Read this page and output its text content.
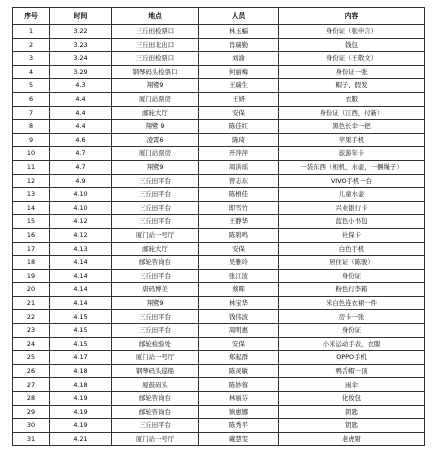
序号	时间	地点	人员	内容
1	3.22	三丘田检票口	林玉蝠	身份证（张申言）
2	3.23	三丘田北出口	肖瑞勤	钱包
3	3.24	三丘田检票口	刘渝	身份证（王敬文）
4	3.29	钢琴码头检票口	何丽梅	身份证一张
5	4.3	翔鹭9	王瑞生	帽子、假发
6	4.4	厦门站票房	王妍	衣服
7	4.4	邮轮大厅	安保	身份证（江西，付新）
8	4.4	翔鹭 9	陈佳红	黑色长伞一把
9	4.6	凌霄6	陈琦	苹果手机
10	4.7	厦门站票房	开萍萍	旅游年卡
11	4.7	翔鹭9	周洪瑶	一袋东西（相机，水壶，一捆绳子）
12	4.9	三丘田平台	曾志东	VIVO手机一台
13	4.10	三丘田平台	陈梧佳	儿童水壶
14	4.10	三丘田平台	即雪竹	兴业银行卡
15	4.12	三丘田平台	王静华	蓝色小书包
16	4.12	厦门站一号厅	陈碧鸣	社保卡
17	4.13	邮轮大厅	安保	白色手机
18	4.14	邮轮咨询台	吴雅玲	居住证（陈骏）
19	4.14	三丘田平台	张江波	身份证
20	4.14	唐码博美	蔡晖	粉色行李箱
21	4.14	翔鹭9	林宝华	米白色连衣裙一件
22	4.15	三丘田平台	钱伟波	房卡一张
23	4.15	三丘田平台	周明惠	身份证
24	4.15	邮轮检验处	安保	小米运动手表，衣服
25	4.17	厦门站一号厅	郑起群	OPPO手机
26	4.18	钢琴码头巡船	陈灵敏	鸭舌帽一顶
27	4.18	厦鼓码头	陈妙蓉	雨伞
28	4.19	邮轮咨询台	林丽芬	化妆包
29	4.19	邮轮咨询台	镇惠娜	钥匙
30	4.19	三丘田平台	陈秀平	钥匙
31	4.21	厦门站一号厅	戴慧雯	老虎钳
